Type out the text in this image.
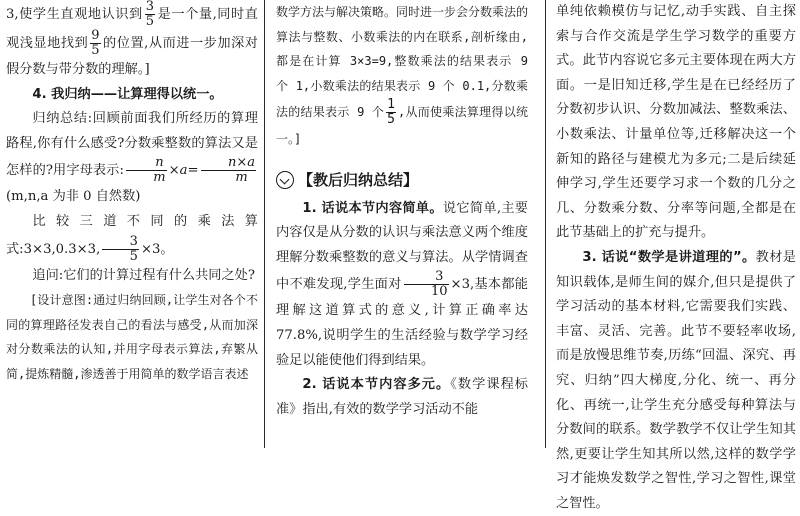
3,使学生直观地认识到 $\frac{3}{5}$ 是一个量,同时直观浅显地找到 $\frac{9}{5}$ 的位置,从而进一步加深对假分数与带分数的理解。]

4. 我归纳——让算理得以统一。

归纳总结:回顾前面我们所经历的算理路程,你有什么感受?分数乘整数的算法又是怎样的?用字母表示: $\frac{n}{m} \times a= \frac{n\times a}{m}$
(m,n,a 为非 0 自然数)

比较三道不同的乘法算式:3×3,0.3×3, $\frac{3}{5} \times 3$。

追问:它们的计算过程有什么共同之处?

[设计意图:通过归纳回顾,让学生对各个不同的算理路径发表自己的看法与感受,从而加深对分数乘法的认知,并用字母表示算法,弃繁从简,提炼精髓,渗透善于用简单的数学语言表述

数学方法与解决策略。同时进一步会分数乘法的算法与整数、小数乘法的内在联系,剖析缘由,都是在计算 3×3=9,整数乘法的结果表示 9 个 1,小数乘法的结果表示 9 个 0.1,分数乘法的结果表示 9 个 $\frac{1}{5}$ ,从而使乘法算理得以统一。]

【教后归纳总结】

1. 话说本节内容简单。说它简单,主要内容仅是从分数的认识与乘法意义两个维度理解分数乘整数的意义与算法。从学情调查中不难发现,学生面对 $\frac{3}{10} \times 3$,基本都能理解这道算式的意义,计算正确率达 77.8%,说明学生的生活经验与数学学习经验足以能使他们得到结果。

2. 话说本节内容多元。《数学课程标准》指出,有效的数学学习活动不能

单纯依赖模仿与记忆,动手实践、自主探索与合作交流是学生学习数学的重要方式。此节内容说它多元主要体现在两大方面。一是旧知迁移,学生是在已经经历了分数初步认识、分数加减法、整数乘法、小数乘法、计量单位等,迁移解决这一个新知的路径与建模尤为多元;二是后续延伸学习,学生还要学习求一个数的几分之几、分数乘分数、分率等问题,全都是在此节基础上的扩充与提升。

3. 话说“数学是讲道理的”。教材是知识载体,是师生间的媒介,但只是提供了学习活动的基本材料,它需要我们实践、丰富、灵活、完善。此节不要轻率收场,而是放慢思维节奏,历练“回温、深究、再究、归纳”四大梯度,分化、统一、再分化、再统一,让学生充分感受每种算法与分数间的联系。数学教学不仅让学生知其然,更要让学生知其所以然,这样的数学学习才能焕发数学之智性,学习之智性,课堂之智性。
